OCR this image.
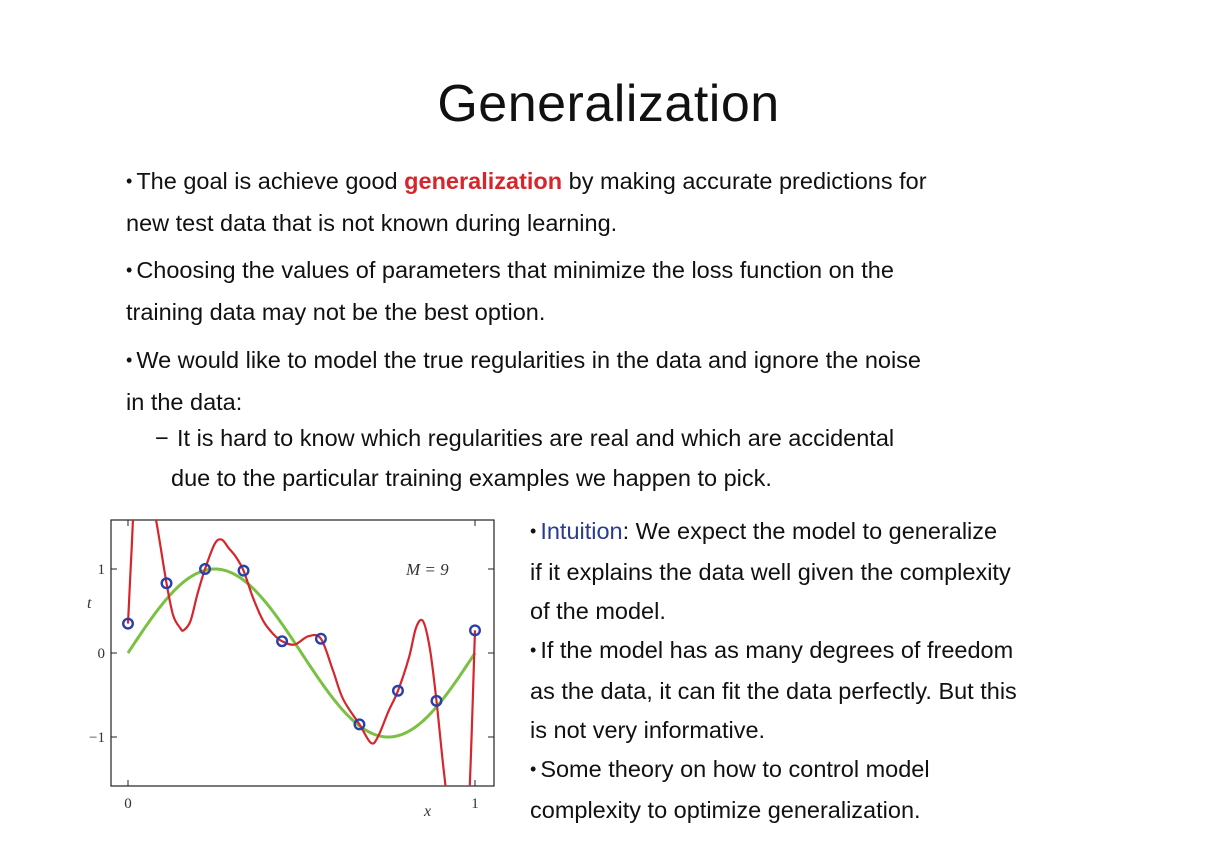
Generalization
• The goal is achieve good generalization by making accurate predictions for
new test data that is not known during learning.
• Choosing the values of parameters that minimize the loss function on the
training data may not be the best option.
• We would like to model the true regularities in the data and ignore the noise
in the data:
− It is hard to know which regularities are real and which are accidental
due to the particular training examples we happen to pick.
1
0
−1
0	1
M = 9
t
x
• Intuition: We expect the model to generalize
if it explains the data well given the complexity
of the model.
• If the model has as many degrees of freedom
as the data, it can fit the data perfectly. But this
is not very informative.
• Some theory on how to control model
complexity to optimize generalization.
